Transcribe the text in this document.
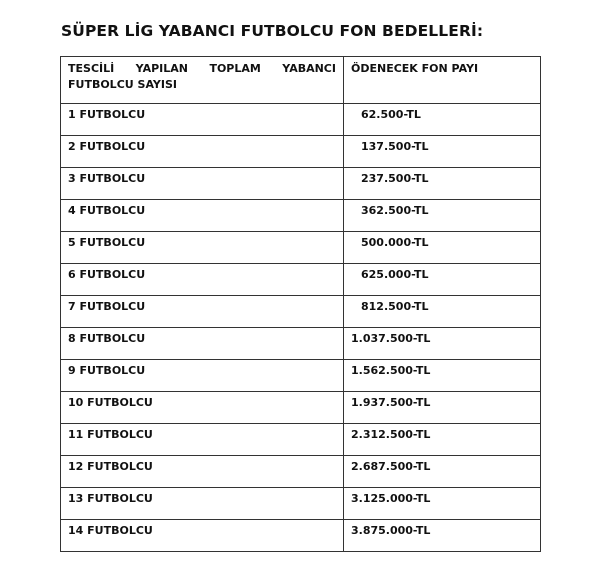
SÜPER LİG YABANCI FUTBOLCU FON BEDELLERİ:
TESCİLİ YAPILAN TOPLAM YABANCI
FUTBOLCU SAYISI	ÖDENECEK FON PAYI
1 FUTBOLCU	62.500-TL
2 FUTBOLCU	137.500-TL
3 FUTBOLCU	237.500-TL
4 FUTBOLCU	362.500-TL
5 FUTBOLCU	500.000-TL
6 FUTBOLCU	625.000-TL
7 FUTBOLCU	812.500-TL
8 FUTBOLCU	1.037.500-TL
9 FUTBOLCU	1.562.500-TL
10 FUTBOLCU	1.937.500-TL
11 FUTBOLCU	2.312.500-TL
12 FUTBOLCU	2.687.500-TL
13 FUTBOLCU	3.125.000-TL
14 FUTBOLCU	3.875.000-TL
